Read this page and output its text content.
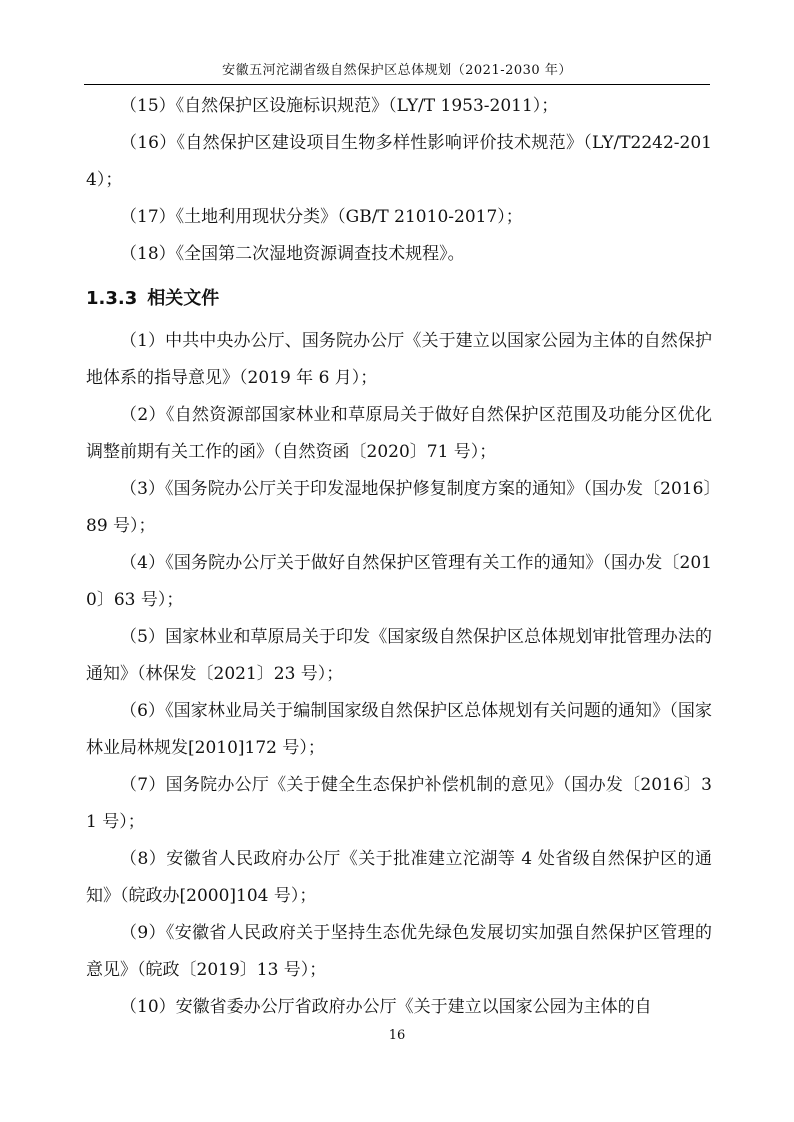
安徽五河沱湖省级自然保护区总体规划（2021-2030 年）

（15）《自然保护区设施标识规范》（LY/T 1953-2011）；

（16）《自然保护区建设项目生物多样性影响评价技术规范》（LY/T2242-2014）；

（17）《土地利用现状分类》（GB/T 21010-2017）；

（18）《全国第二次湿地资源调查技术规程》。

1.3.3 相关文件

（1）中共中央办公厅、国务院办公厅《关于建立以国家公园为主体的自然保护地体系的指导意见》（2019 年 6 月）；

（2）《自然资源部国家林业和草原局关于做好自然保护区范围及功能分区优化调整前期有关工作的函》（自然资函〔2020〕71 号）；

（3）《国务院办公厅关于印发湿地保护修复制度方案的通知》（国办发〔2016〕89 号）；

（4）《国务院办公厅关于做好自然保护区管理有关工作的通知》（国办发〔2010〕63 号）；

（5）国家林业和草原局关于印发《国家级自然保护区总体规划审批管理办法的通知》（林保发〔2021〕23 号）；

（6）《国家林业局关于编制国家级自然保护区总体规划有关问题的通知》（国家林业局林规发[2010]172 号）；

（7）国务院办公厅《关于健全生态保护补偿机制的意见》（国办发〔2016〕31 号）；

（8）安徽省人民政府办公厅《关于批准建立沱湖等 4 处省级自然保护区的通知》（皖政办[2000]104 号）；

（9）《安徽省人民政府关于坚持生态优先绿色发展切实加强自然保护区管理的意见》（皖政〔2019〕13 号）；

（10）安徽省委办公厅省政府办公厅《关于建立以国家公园为主体的自

16
